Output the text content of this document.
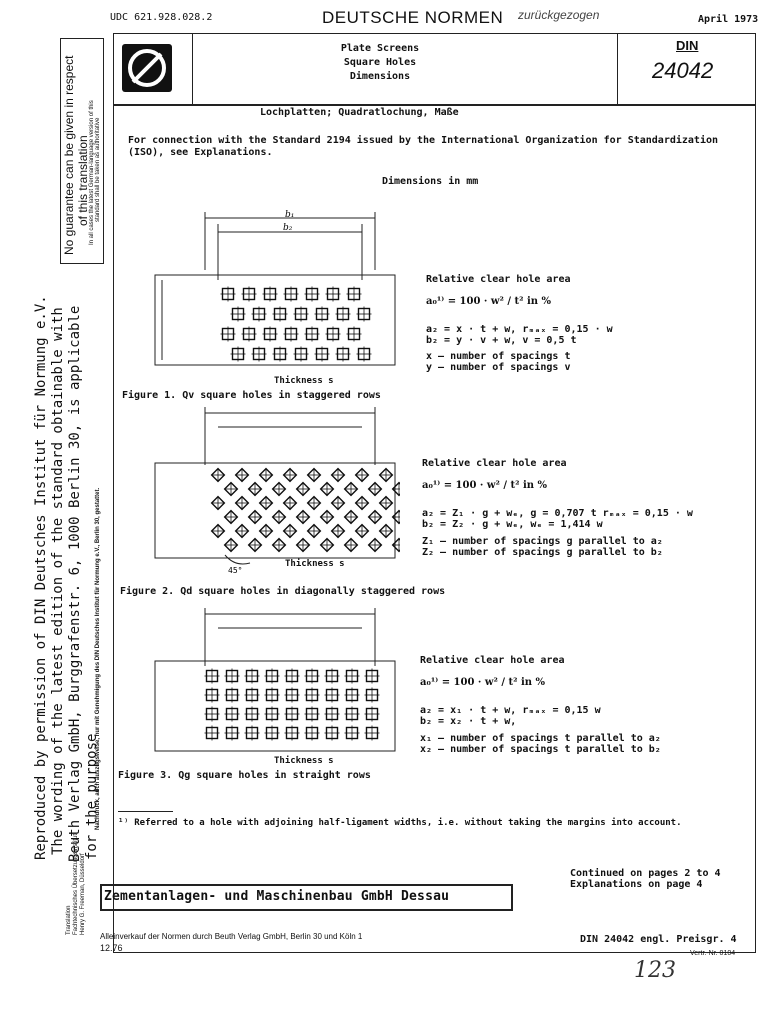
UDC 621.928.028.2	DEUTSCHE NORMEN zurückgezogen	April 1973
Plate Screens
Square Holes
Dimensions
DIN
24042
Lochplatten; Quadratlochung, Maße
For connection with the Standard 2194 issued by the International Organization for Standardization (ISO), see Explanations.
Dimensions in mm
b₁
b₂
Thickness s
Figure 1. Qv square holes in staggered rows
Relative clear hole area
a₀¹⁾ = 100 · w² / t² in %
a₂ = x · t + w, rₘₐₓ = 0,15 · w
b₂ = y · v + w, v = 0,5 t
x – number of spacings t
y – number of spacings v
45°
Thickness s
Figure 2. Qd square holes in diagonally staggered rows
Relative clear hole area
a₀¹⁾ = 100 · w² / t² in %
a₂ = Z₁ · g + wₑ, g = 0,707 t rₘₐₓ = 0,15 · w
b₂ = Z₂ · g + wₑ, wₑ = 1,414 w
Z₁ – number of spacings g parallel to a₂
Z₂ – number of spacings g parallel to b₂
Thickness s
Figure 3. Qg square holes in straight rows
Relative clear hole area
a₀¹⁾ = 100 · w² / t² in %
a₂ = x₁ · t + w, rₘₐₓ = 0,15 w
b₂ = x₂ · t + w,
x₁ – number of spacings t parallel to a₂
x₂ – number of spacings t parallel to b₂
¹⁾ Referred to a hole with adjoining half-ligament widths, i.e. without taking the margins into account.
Continued on pages 2 to 4
Explanations on page 4
Zementanlagen- und Maschinenbau GmbH Dessau
Alleinverkauf der Normen durch Beuth Verlag GmbH, Berlin 30 und Köln 1
12.76
DIN 24042 engl. Preisgr. 4
Vertr.-Nr. 0104
123
No guarantee can be given in respect of this translation In all cases the latest German-language version of this standard shall be taken as authoritative
Reproduced by permission of DIN Deutsches Institut für Normung e.V. The wording of the latest edition of the standard obtainable with Beuth Verlag GmbH, Burggrafenstr. 6, 1000 Berlin 30, is applicable for the purpose
Nachdruck, auch auszugsweise, nur mit Genehmigung des DIN Deutsches Institut für Normung e.V., Berlin 30, gestattet.
Translation Fachtechnisches Übersetzungsinstitut Henry G. Freeman, Düsseldorf
